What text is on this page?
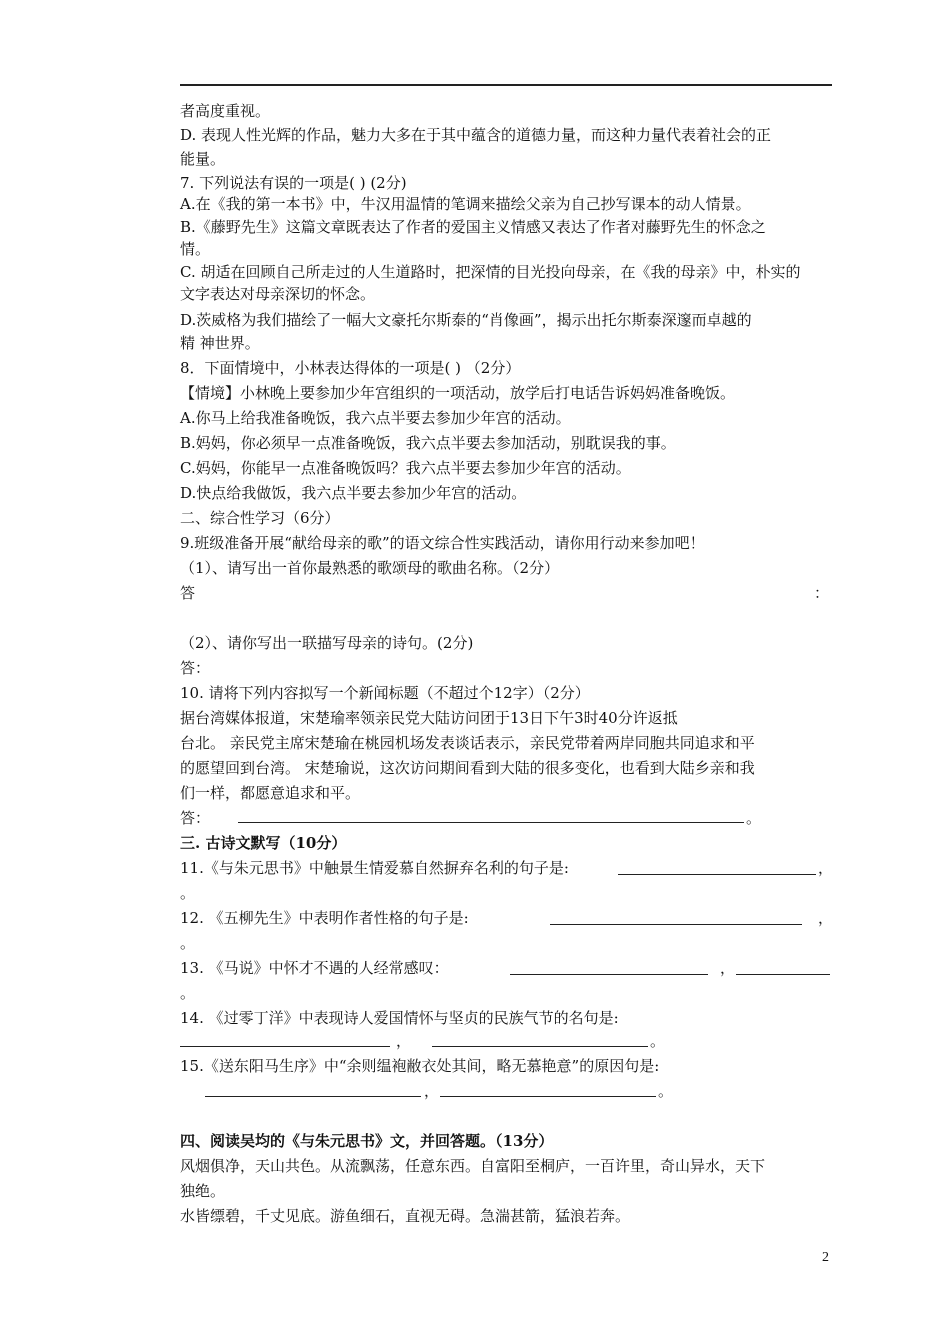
者高度重视。

D. 表现人性光辉的作品，魅力大多在于其中蕴含的道德力量，而这种力量代表着社会的正

能量。

7. 下列说法有误的一项是( ) (2分)

A.在《我的第一本书》中，牛汉用温情的笔调来描绘父亲为自己抄写课本的动人情景。

B.《藤野先生》这篇文章既表达了作者的爱国主义情感又表达了作者对藤野先生的怀念之

情。

C. 胡适在回顾自己所走过的人生道路时，把深情的目光投向母亲，在《我的母亲》中，朴实的

文字表达对母亲深切的怀念。

D.茨威格为我们描绘了一幅大文豪托尔斯泰的“肖像画”，揭示出托尔斯泰深邃而卓越的

精 神世界。

8．下面情境中，小林表达得体的一项是( ) （2分）

【情境】小林晚上要参加少年宫组织的一项活动，放学后打电话告诉妈妈准备晚饭。

A.你马上给我准备晚饭，我六点半要去参加少年宫的活动。

B.妈妈，你必须早一点准备晚饭，我六点半要去参加活动，别耽误我的事。

C.妈妈，你能早一点准备晚饭吗？我六点半要去参加少年宫的活动。

D.快点给我做饭，我六点半要去参加少年宫的活动。

二、综合性学习（6分）

9.班级准备开展“献给母亲的歌”的语文综合性实践活动，请你用行动来参加吧！

（1）、请写出一首你最熟悉的歌颂母的歌曲名称。（2分）

答	：

（2）、请你写出一联描写母亲的诗句。(2分)

答：

10. 请将下列内容拟写一个新闻标题（不超过个12字）（2分）

据台湾媒体报道，宋楚瑜率领亲民党大陆访问团于13日下午3时40分许返抵

台北。 亲民党主席宋楚瑜在桃园机场发表谈话表示，亲民党带着两岸同胞共同追求和平

的愿望回到台湾。 宋楚瑜说，这次访问期间看到大陆的很多变化，也看到大陆乡亲和我

们一样，都愿意追求和平。

答：	。

三. 古诗文默写（10分）

11.《与朱元思书》中触景生情爱慕自然摒弃名利的句子是:	，

。

12. 《五柳先生》中表明作者性格的句子是:	，

。

13. 《马说》中怀才不遇的人经常感叹：	，

。

14. 《过零丁洋》中表现诗人爱国情怀与坚贞的民族气节的名句是:

，	。

15.《送东阳马生序》中“余则缊袍敝衣处其间，略无慕艳意”的原因句是:

，	。

四、阅读吴均的《与朱元思书》文，并回答题。（13分）

风烟俱净，天山共色。从流飘荡，任意东西。自富阳至桐庐，一百许里，奇山异水，天下

独绝。

水皆缥碧，千丈见底。游鱼细石，直视无碍。急湍甚箭，猛浪若奔。

2
